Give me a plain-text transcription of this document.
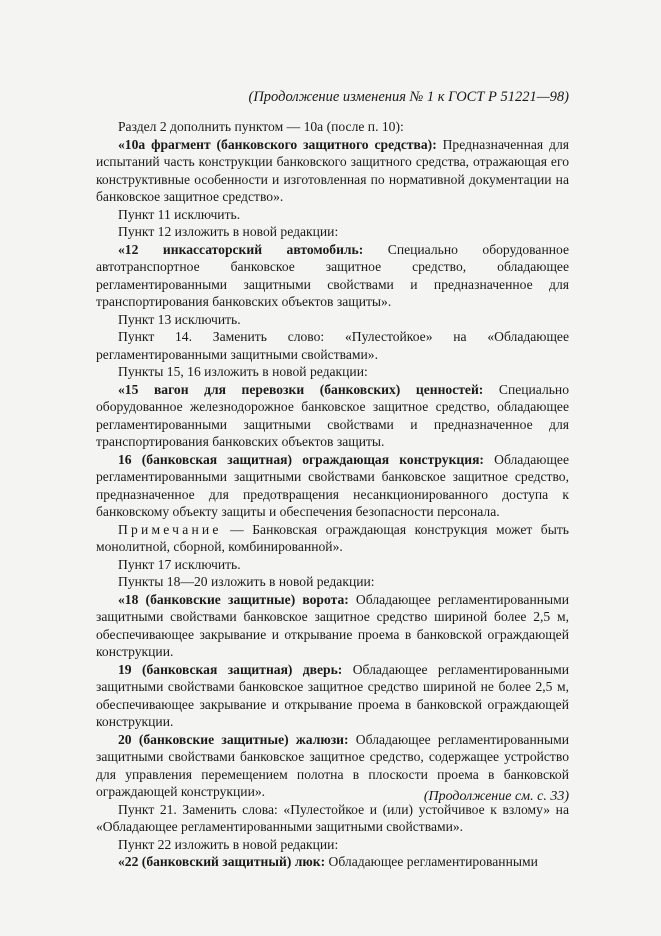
(Продолжение изменения № 1 к ГОСТ Р 51221—98)

Раздел 2 дополнить пунктом — 10а (после п. 10):

«10а фрагмент (банковского защитного средства): Предназначенная для испытаний часть конструкции банковского защитного средства, отражающая его конструктивные особенности и изготовленная по нормативной документации на банковское защитное средство».

Пункт 11 исключить.

Пункт 12 изложить в новой редакции:

«12 инкассаторский автомобиль: Специально оборудованное автотранспортное банковское защитное средство, обладающее регламентированными защитными свойствами и предназначенное для транспортирования банковских объектов защиты».

Пункт 13 исключить.

Пункт 14. Заменить слово: «Пулестойкое» на «Обладающее регламентированными защитными свойствами».

Пункты 15, 16 изложить в новой редакции:

«15 вагон для перевозки (банковских) ценностей: Специально оборудованное железнодорожное банковское защитное средство, обладающее регламентированными защитными свойствами и предназначенное для транспортирования банковских объектов защиты.

16 (банковская защитная) ограждающая конструкция: Обладающее регламентированными защитными свойствами банковское защитное средство, предназначенное для предотвращения несанкционированного доступа к банковскому объекту защиты и обеспечения безопасности персонала.

Примечание — Банковская ограждающая конструкция может быть монолитной, сборной, комбинированной».

Пункт 17 исключить.

Пункты 18—20 изложить в новой редакции:

«18 (банковские защитные) ворота: Обладающее регламентированными защитными свойствами банковское защитное средство шириной более 2,5 м, обеспечивающее закрывание и открывание проема в банковской ограждающей конструкции.

19 (банковская защитная) дверь: Обладающее регламентированными защитными свойствами банковское защитное средство шириной не более 2,5 м, обеспечивающее закрывание и открывание проема в банковской ограждающей конструкции.

20 (банковские защитные) жалюзи: Обладающее регламентированными защитными свойствами банковское защитное средство, содержащее устройство для управления перемещением полотна в плоскости проема в банковской ограждающей конструкции».

Пункт 21. Заменить слова: «Пулестойкое и (или) устойчивое к взлому» на «Обладающее регламентированными защитными свойствами».

Пункт 22 изложить в новой редакции:

«22 (банковский защитный) люк: Обладающее регламентированными

(Продолжение см. с. 33)
